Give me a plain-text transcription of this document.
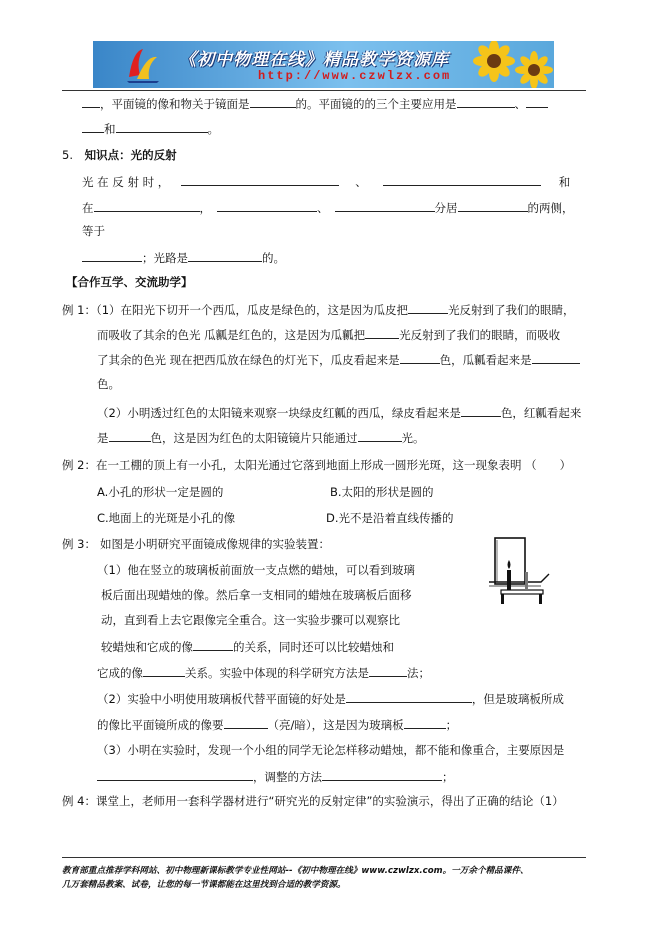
《初中物理在线》精品教学资源库
http://www.czwlzx.com
，平面镜的像和物关于镜面是	的。平面镜的的三个主要应用是	、
和	。
5. 知识点：光的反射
光 在 反 射 时 ，	、	和
在	，	、	分居	的两侧，
等于
；光路是	的。
【合作互学、交流助学】
例 1：（1）在阳光下切开一个西瓜，瓜皮是绿色的，这是因为瓜皮把	光反射到了我们的眼睛，
而吸收了其余的色光 瓜瓤是红色的，这是因为瓜瓤把	光反射到了我们的眼睛，而吸收
了其余的色光 现在把西瓜放在绿色的灯光下，瓜皮看起来是	色，瓜瓤看起来是
色。
（2）小明透过红色的太阳镜来观察一块绿皮红瓤的西瓜，绿皮看起来是	色，红瓤看起来
是	色，这是因为红色的太阳镜镜片只能通过	光。
例 2：在一工棚的顶上有一小孔，太阳光通过它落到地面上形成一圆形光斑，这一现象表明 （　　）
A.小孔的形状一定是圆的	B.太阳的形状是圆的
C.地面上的光斑是小孔的像	D.光不是沿着直线传播的
例 3： 如图是小明研究平面镜成像规律的实验装置：
（1）他在竖立的玻璃板前面放一支点燃的蜡烛，可以看到玻璃
板后面出现蜡烛的像。然后拿一支相同的蜡烛在玻璃板后面移
动，直到看上去它跟像完全重合。这一实验步骤可以观察比
较蜡烛和它成的像	的关系，同时还可以比较蜡烛和
它成的像	关系。实验中体现的科学研究方法是	法；
（2）实验中小明使用玻璃板代替平面镜的好处是	，但是玻璃板所成
的像比平面镜所成的像要	（亮/暗），这是因为玻璃板	；
（3）小明在实验时，发现一个小组的同学无论怎样移动蜡烛，都不能和像重合，主要原因是
，调整的方法	；
例 4：课堂上，老师用一套科学器材进行“研究光的反射定律”的实验演示，得出了正确的结论（1）
教育部重点推荐学科网站、初中物理新课标教学专业性网站--《初中物理在线》www.czwlzx.com。一万余个精品课件、
几万套精品教案、试卷，让您的每一节课都能在这里找到合适的教学资源。
